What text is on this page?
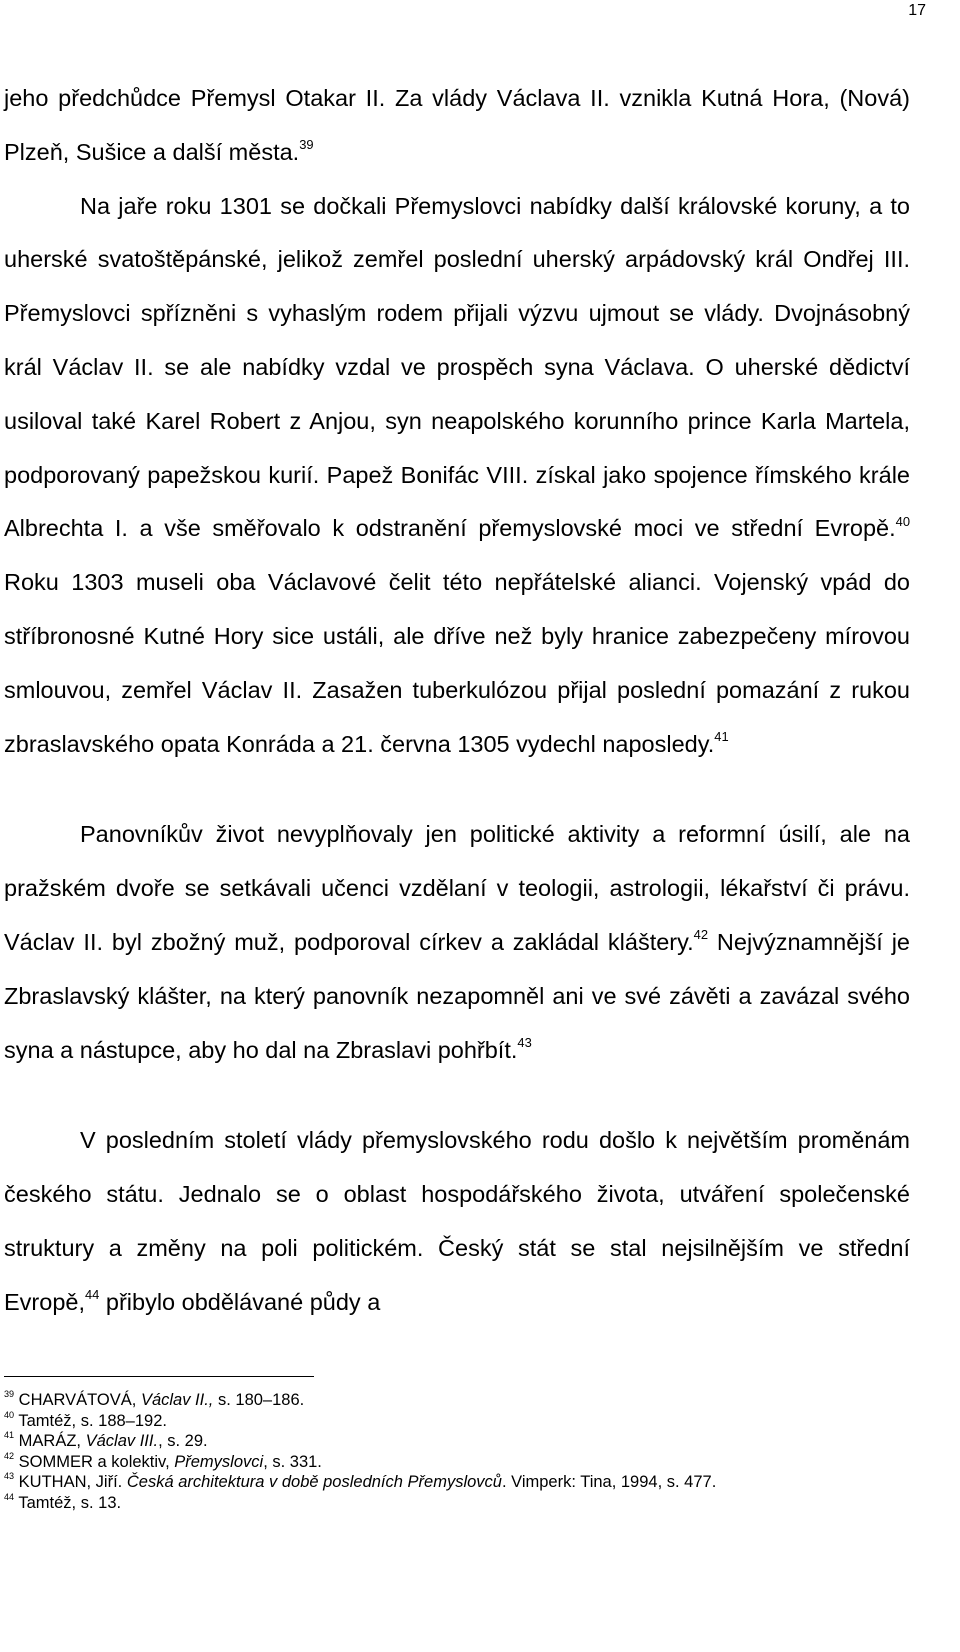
17

jeho předchůdce Přemysl Otakar II. Za vlády Václava II. vznikla Kutná Hora, (Nová) Plzeň, Sušice a další města.$^{39}$

Na jaře roku 1301 se dočkali Přemyslovci nabídky další královské koruny, a to uherské svatoštěpánské, jelikož zemřel poslední uherský arpádovský král Ondřej III. Přemyslovci spřízněni s vyhaslým rodem přijali výzvu ujmout se vlády. Dvojnásobný král Václav II. se ale nabídky vzdal ve prospěch syna Václava. O uherské dědictví usiloval také Karel Robert z Anjou, syn neapolského korunního prince Karla Martela, podporovaný papežskou kurií. Papež Bonifác VIII. získal jako spojence římského krále Albrechta I. a vše směřovalo k odstranění přemyslovské moci ve střední Evropě.$^{40}$ Roku 1303 museli oba Václavové čelit této nepřátelské alianci. Vojenský vpád do stříbronosné Kutné Hory sice ustáli, ale dříve než byly hranice zabezpečeny mírovou smlouvou, zemřel Václav II. Zasažen tuberkulózou přijal poslední pomazání z rukou zbraslavského opata Konráda a 21. června 1305 vydechl naposledy.$^{41}$

Panovníkův život nevyplňovaly jen politické aktivity a reformní úsilí, ale na pražském dvoře se setkávali učenci vzdělaní v teologii, astrologii, lékařství či právu. Václav II. byl zbožný muž, podporoval církev a zakládal kláštery.$^{42}$ Nejvýznamnější je Zbraslavský klášter, na který panovník nezapomněl ani ve své závěti a zavázal svého syna a nástupce, aby ho dal na Zbraslavi pohřbít.$^{43}$

V posledním století vlády přemyslovského rodu došlo k největším proměnám českého státu. Jednalo se o oblast hospodářského života, utváření společenské struktury a změny na poli politickém. Český stát se stal nejsilnějším ve střední Evropě,$^{44}$ přibylo obdělávané půdy a

$^{39}$ CHARVÁTOVÁ, Václav II., s. 180–186.
$^{40}$ Tamtéž, s. 188–192.
$^{41}$ MARÁZ, Václav III., s. 29.
$^{42}$ SOMMER a kolektiv, Přemyslovci, s. 331.
$^{43}$ KUTHAN, Jiří. Česká architektura v době posledních Přemyslovců. Vimperk: Tina, 1994, s. 477.
$^{44}$ Tamtéž, s. 13.
